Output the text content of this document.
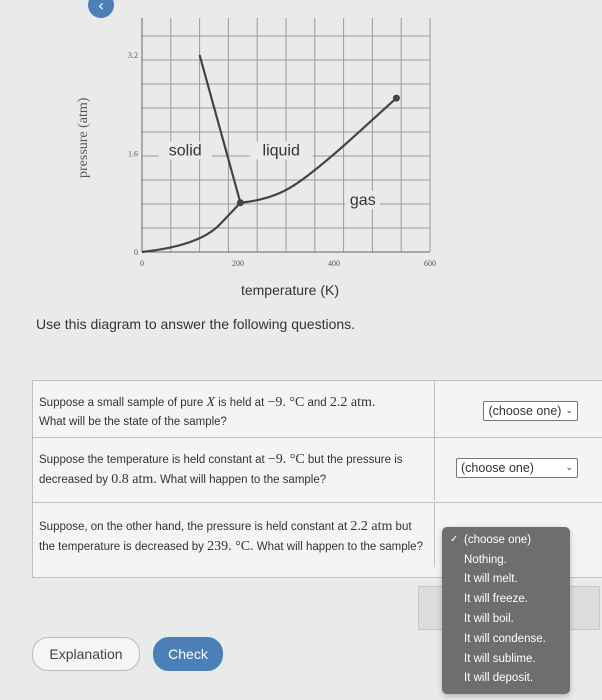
‹
0	200	400	600
0
1.6
3.2
solid	liquid
gas
pressure (atm)
temperature (K)
Use this diagram to answer the following questions.
Suppose a small sample of pure X is held at −9. °C and 2.2 atm.
What will be the state of the sample?
(choose one) ⌄
Suppose the temperature is held constant at −9. °C but the pressure is decreased by 0.8 atm. What will happen to the sample?
(choose one)	⌄
Suppose, on the other hand, the pressure is held constant at 2.2 atm but the temperature is decreased by 239. °C. What will happen to the sample?
✓ (choose one)
Nothing.
It will melt.
It will freeze.
It will boil.
It will condense.
It will sublime.
It will deposit.
Explanation	Check
